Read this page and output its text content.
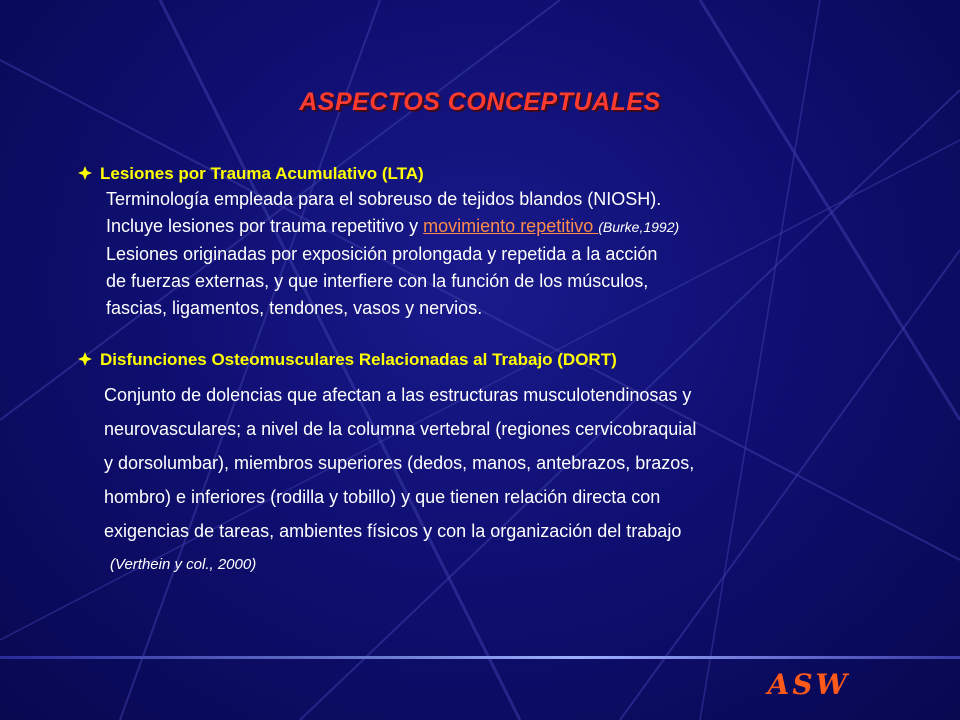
ASPECTOS CONCEPTUALES
Lesiones por Trauma Acumulativo (LTA)
Terminología empleada para el sobreuso de tejidos blandos (NIOSH).
Incluye lesiones por trauma repetitivo y movimiento repetitivo (Burke,1992)
Lesiones originadas por exposición prolongada y repetida a la acción
de fuerzas externas, y que interfiere con la función de los músculos,
fascias, ligamentos, tendones, vasos y nervios.
Disfunciones Osteomusculares Relacionadas al Trabajo (DORT)
Conjunto de dolencias que afectan a las estructuras musculotendinosas y
neurovasculares; a nivel de la columna vertebral (regiones cervicobraquial
y dorsolumbar), miembros superiores (dedos, manos, antebrazos, brazos,
hombro) e inferiores (rodilla y tobillo) y que tienen relación directa con
exigencias de tareas, ambientes físicos y con la organización del trabajo
(Verthein y col., 2000)
ASW
